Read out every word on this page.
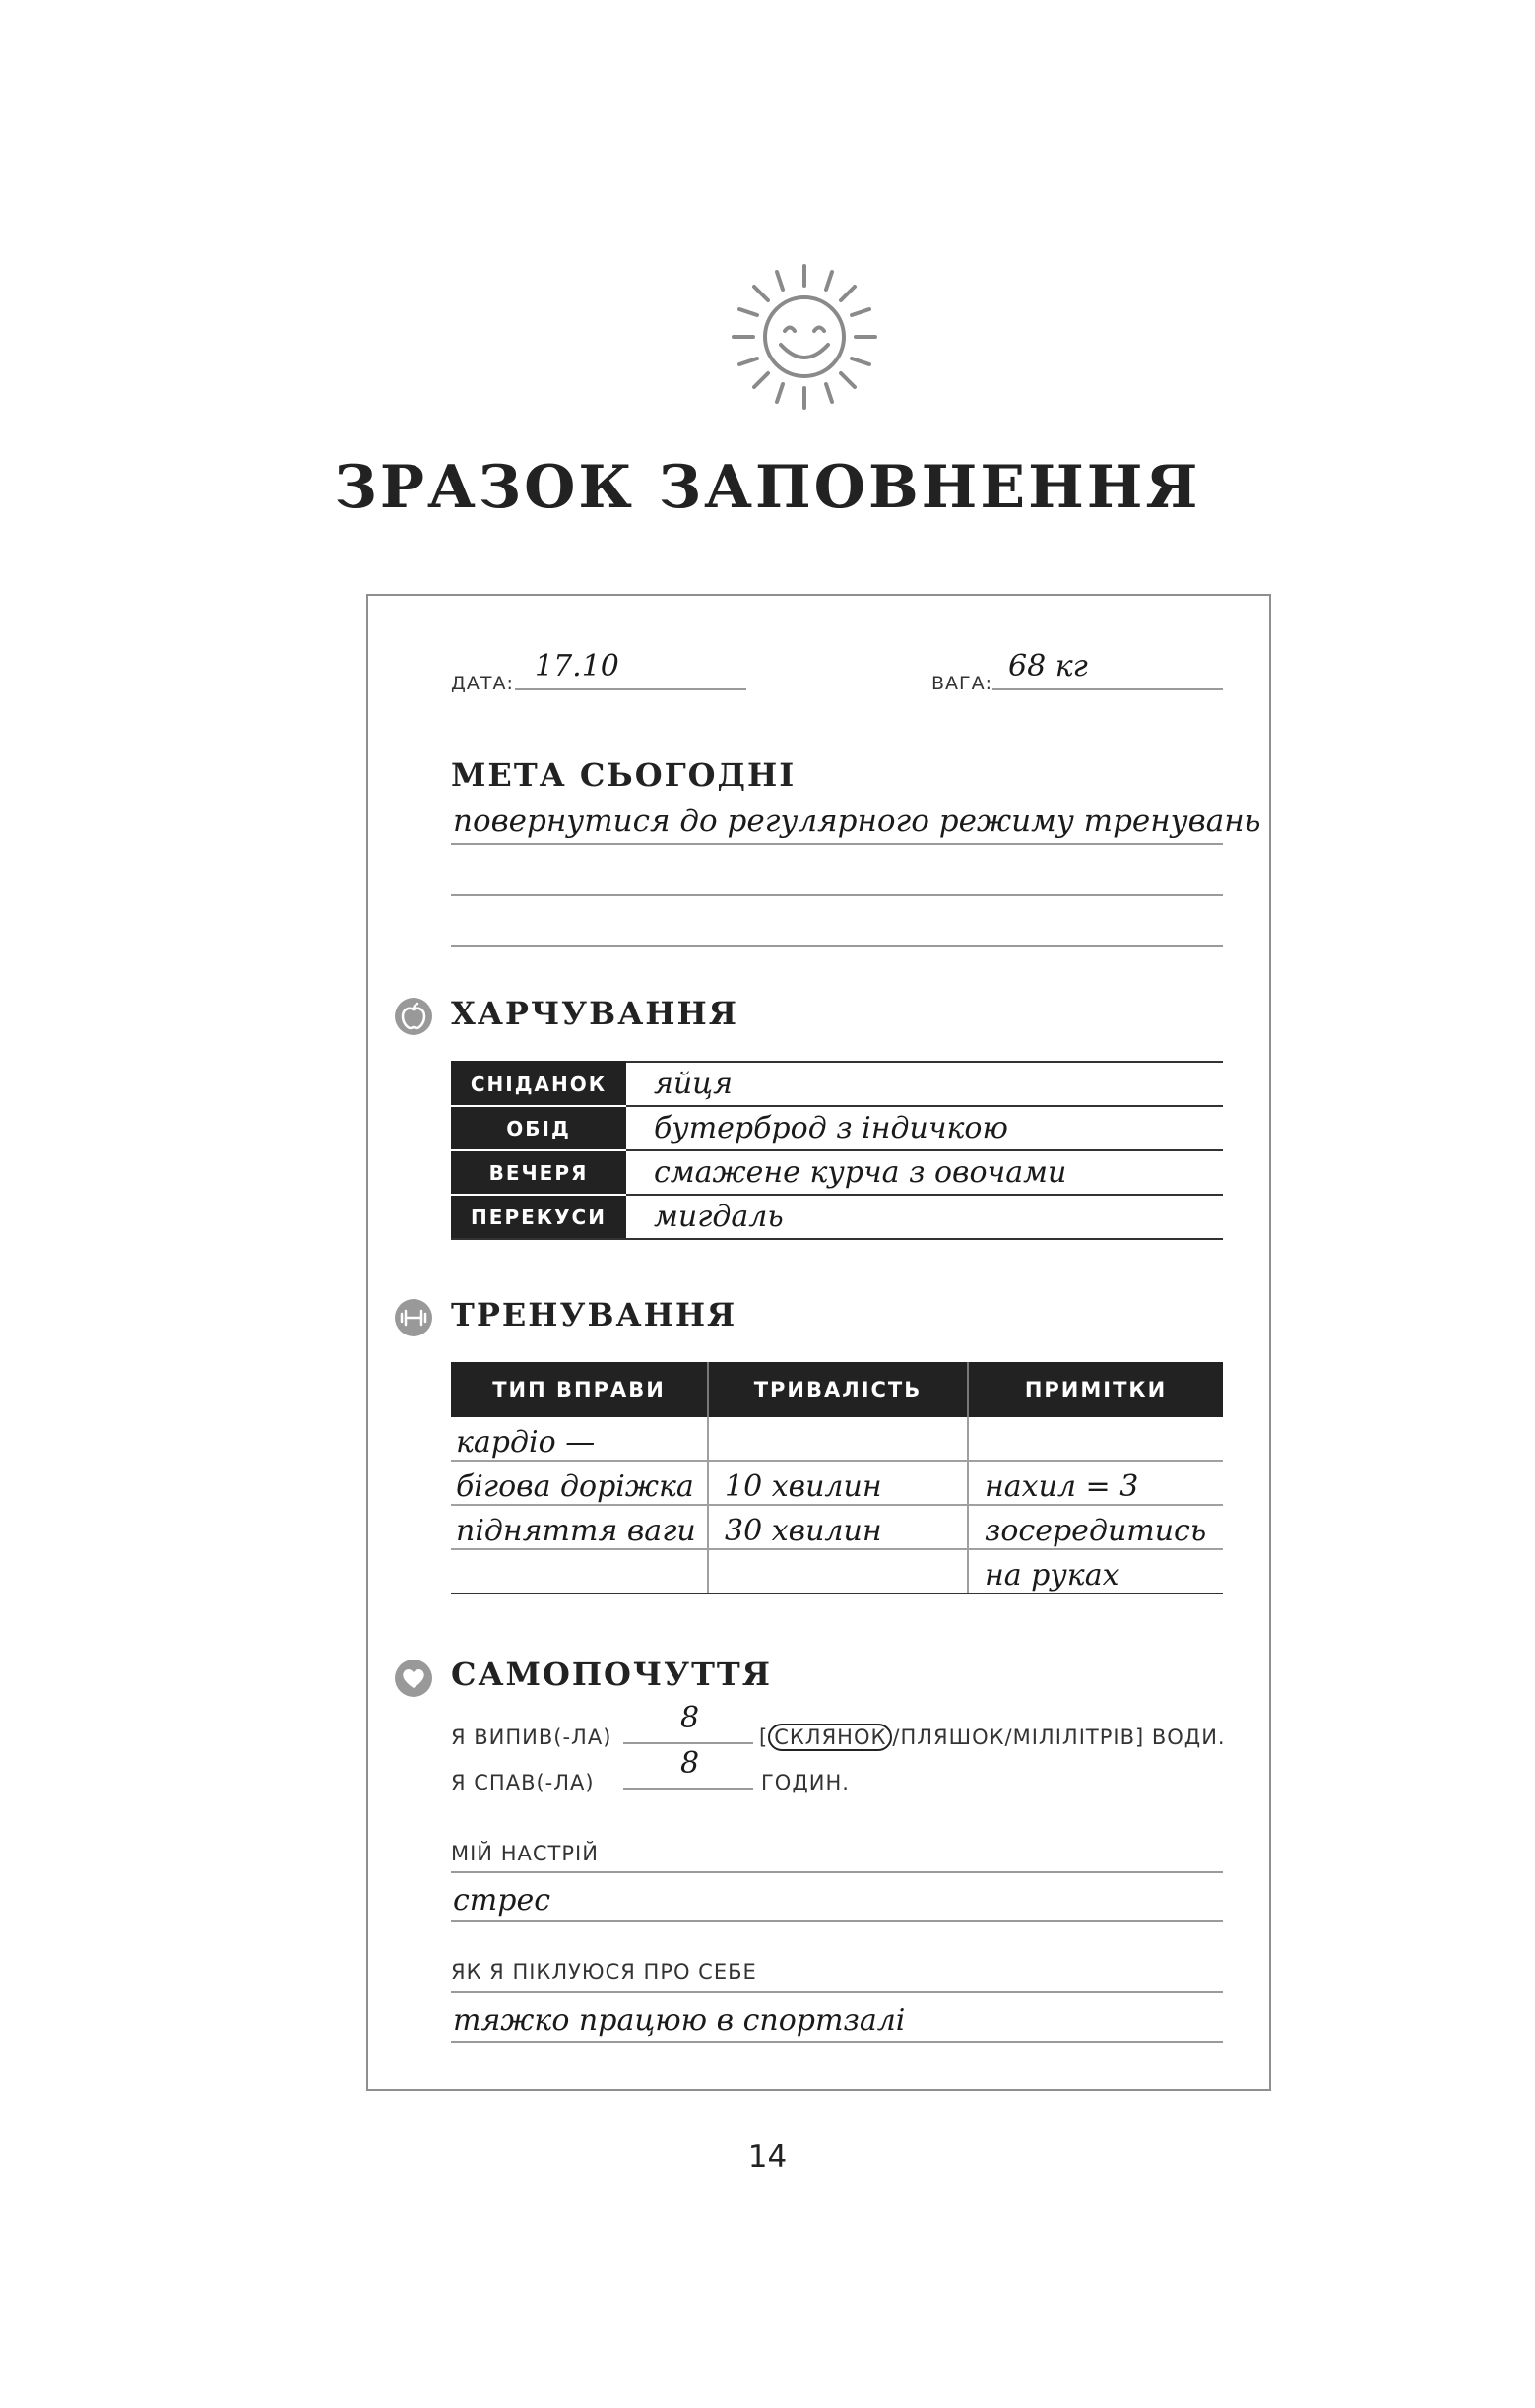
ЗРАЗОК ЗАПОВНЕННЯ
ДАТА: 17.10	ВАГА: 68 кг
МЕТА СЬОГОДНІ
повернутися до регулярного режиму тренувань
ХАРЧУВАННЯ
СНІДАНОК	яйця
ОБІД	бутерброд з індичкою
ВЕЧЕРЯ	смажене курча з овочами
ПЕРЕКУСИ	мигдаль
ТРЕНУВАННЯ
ТИП ВПРАВИ	ТРИВАЛІСТЬ	ПРИМІТКИ
кардіо —		
бігова доріжка	10 хвилин	нахил = 3
підняття ваги	30 хвилин	зосередитись
		на руках
САМОПОЧУТТЯ
Я ВИПИВ(-ЛА)
8
[ СКЛЯНОК /ПЛЯШОК/МІЛІЛІТРІВ] ВОДИ.
Я СПАВ(-ЛА)
8
ГОДИН.
МІЙ НАСТРІЙ
стрес
ЯК Я ПІКЛУЮСЯ ПРО СЕБЕ
тяжко працюю в спортзалі
14
